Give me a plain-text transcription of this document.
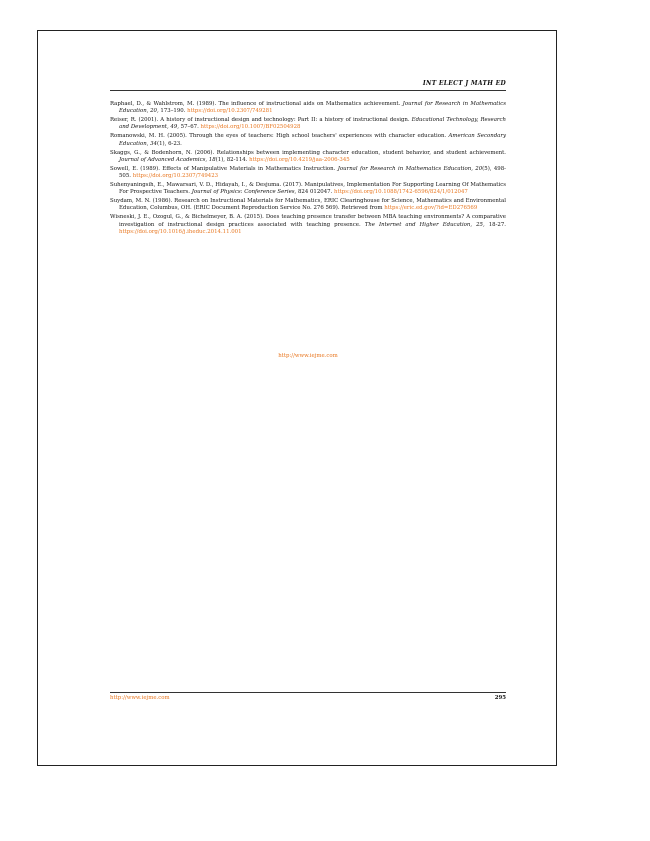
INT ELECT J MATH ED
Raphael, D., & Wahlstrom, M. (1989). The influence of instructional aids on Mathematics achievement. Journal for Research in Mathematics Education, 20, 173–190. https://doi.org/10.2307/749281
Reiser, R. (2001). A history of instructional design and technology: Part II: a history of instructional design. Educational Technology, Research and Development, 49, 57–67. https://doi.org/10.1007/BF02504928
Romanowski, M. H. (2005). Through the eyes of teachers: High school teachers' experiences with character education. American Secondary Education, 34(1), 6-23.
Skaggs, G., & Bodenhorn, N. (2006). Relationships between implementing character education, student behavior, and student achievement. Journal of Advanced Academics, 18(1), 82-114. https://doi.org/10.4219/jaa-2006-345
Sowell, E. (1989). Effects of Manipulative Materials in Mathematics Instruction. Journal for Research in Mathematics Education, 20(5), 498-505. https://doi.org/10.2307/749423
Suhenyaningsih, E., Mawarsari, V. D., Hidayah, I., & Desjuma. (2017). Manipulatives, Implementation For Supporting Learning Of Mathematics For Prospective Teachers. Journal of Physics: Conference Series, 824 012047. https://doi.org/10.1088/1742-6596/824/1/012047
Suydam, M. N. (1986). Research on Instructional Materials for Mathematics, ERIC Clearinghouse for Science, Mathematics and Environmental Education, Columbus, OH. (ERIC Document Reproduction Service No. 276 569). Retrieved from https://eric.ed.gov/?id=ED276569
Wisneski, J. E., Ozogul, G., & Bichelmeyer, B. A. (2015). Does teaching presence transfer between MBA teaching environments? A comparative investigation of instructional design practices associated with teaching presence. The Internet and Higher Education, 25, 18-27. https://doi.org/10.1016/j.iheduc.2014.11.001
http://www.iejme.com
http://www.iejme.com	295
